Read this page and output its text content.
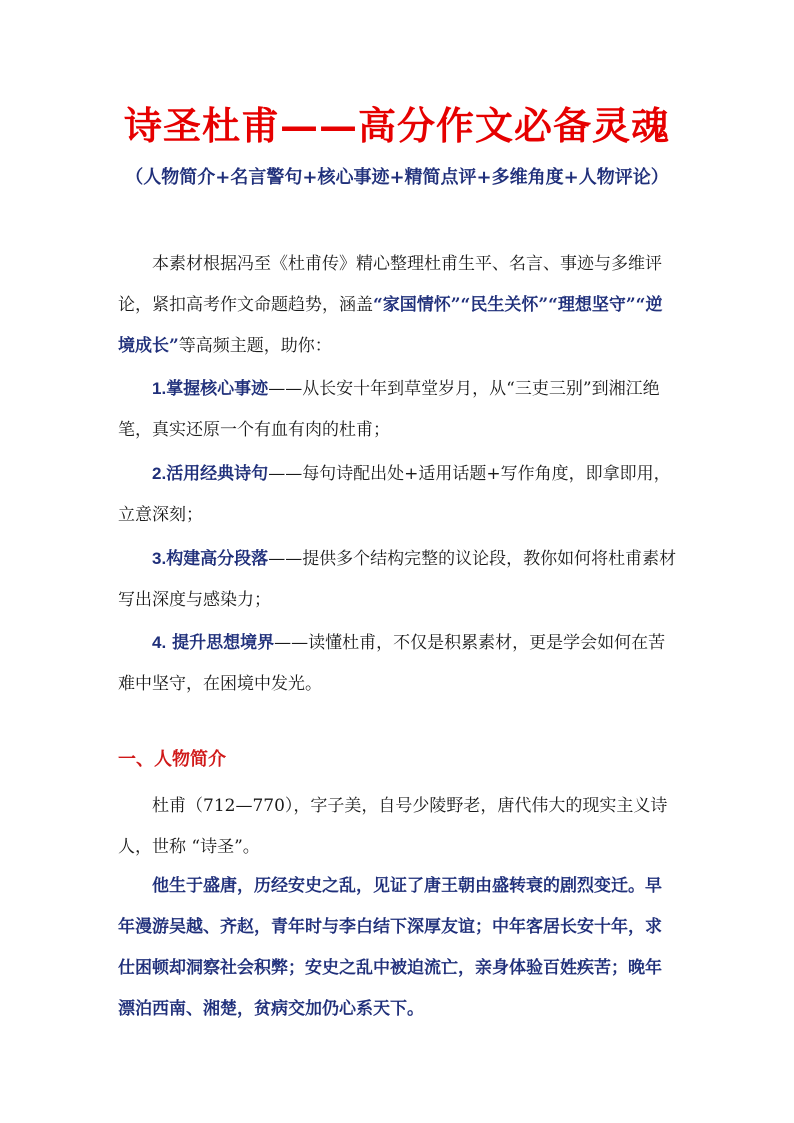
诗圣杜甫——高分作文必备灵魂
（人物简介+名言警句+核心事迹+精简点评+多维角度+人物评论）

本素材根据冯至《杜甫传》精心整理杜甫生平、名言、事迹与多维评论，紧扣高考作文命题趋势，涵盖“家国情怀”“民生关怀”“理想坚守”“逆境成长”等高频主题，助你：

1.掌握核心事迹——从长安十年到草堂岁月，从“三吏三别”到湘江绝笔，真实还原一个有血有肉的杜甫；

2.活用经典诗句——每句诗配出处+适用话题+写作角度，即拿即用，立意深刻；

3.构建高分段落——提供多个结构完整的议论段，教你如何将杜甫素材写出深度与感染力；

4. 提升思想境界——读懂杜甫，不仅是积累素材，更是学会如何在苦难中坚守，在困境中发光。

一、人物简介

杜甫（712—770），字子美，自号少陵野老，唐代伟大的现实主义诗人，世称 “诗圣”。

他生于盛唐，历经安史之乱，见证了唐王朝由盛转衰的剧烈变迁。早年漫游吴越、齐赵，青年时与李白结下深厚友谊；中年客居长安十年，求仕困顿却洞察社会积弊；安史之乱中被迫流亡，亲身体验百姓疾苦；晚年漂泊西南、湘楚，贫病交加仍心系天下。
